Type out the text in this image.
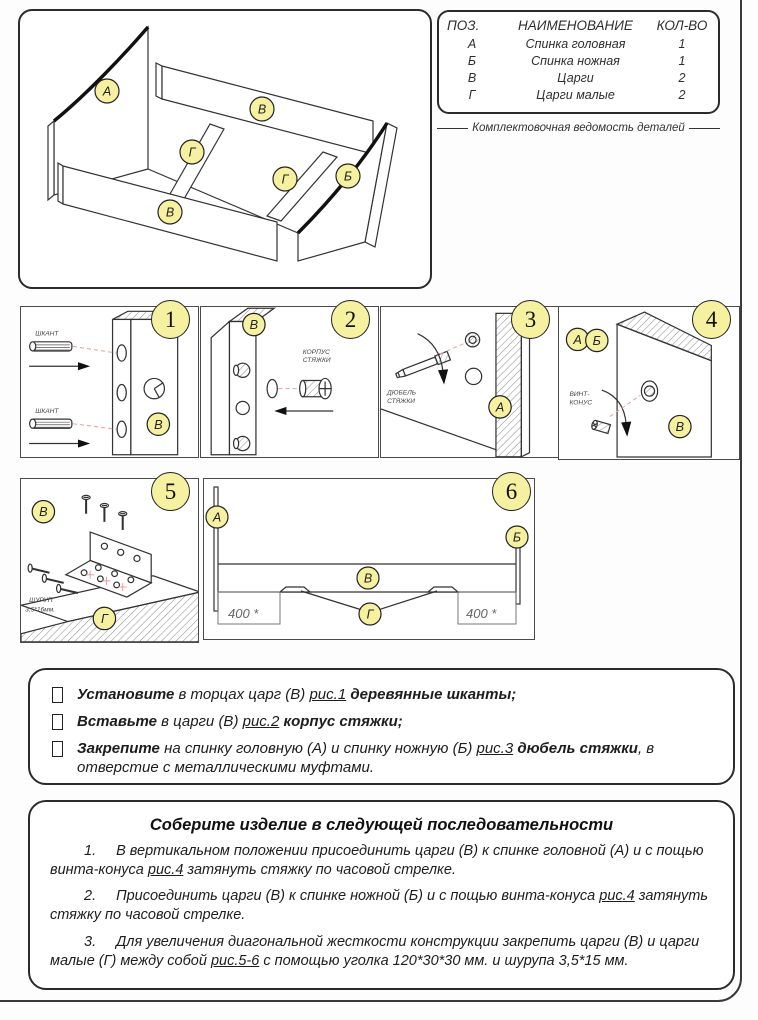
А
В
Г
Г	Б
В
ПОЗ.	НАИМЕНОВАНИЕ	КОЛ-ВО
А	Спинка головная	1
Б	Спинка ножная	1
В	Царги	2
Г	Царги малые	2
Комплектовочная ведомость деталей
ШКАНТ
ШКАНТ
В
1
КОРПУС
СТЯЖКИ
В	2
ДЮБЕЛЬ
СТЯЖКИ	А
3
ВИНТ-
КОНУС
А Б
В
4
ШУРУП
3,5*16мм.
В
Г
5
400 *	400 *
А
Б
В
Г
6
Установите в торцах царг (В) рис.1 деревянные шканты;
Вставьте в царги (В) рис.2 корпус стяжки;
Закрепите на спинку головную (А) и спинку ножную (Б) рис.3 дюбель стяжки, в отверстие с металлическими муфтами.
Соберите изделие в следующей последовательности

1. В вертикальном положении присоединить царги (В) к спинке головной (А) и с пощью винта-конуса рис.4 затянуть стяжку по часовой стрелке.

2. Присоединить царги (В) к спинке ножной (Б) и с пощью винта-конуса рис.4 затянуть стяжку по часовой стрелке.

3. Для увеличения диагональной жесткости конструкции закрепить царги (В) и царги малые (Г) между собой рис.5-6 с помощью уголка 120*30*30 мм. и шурупа 3,5*15 мм.
